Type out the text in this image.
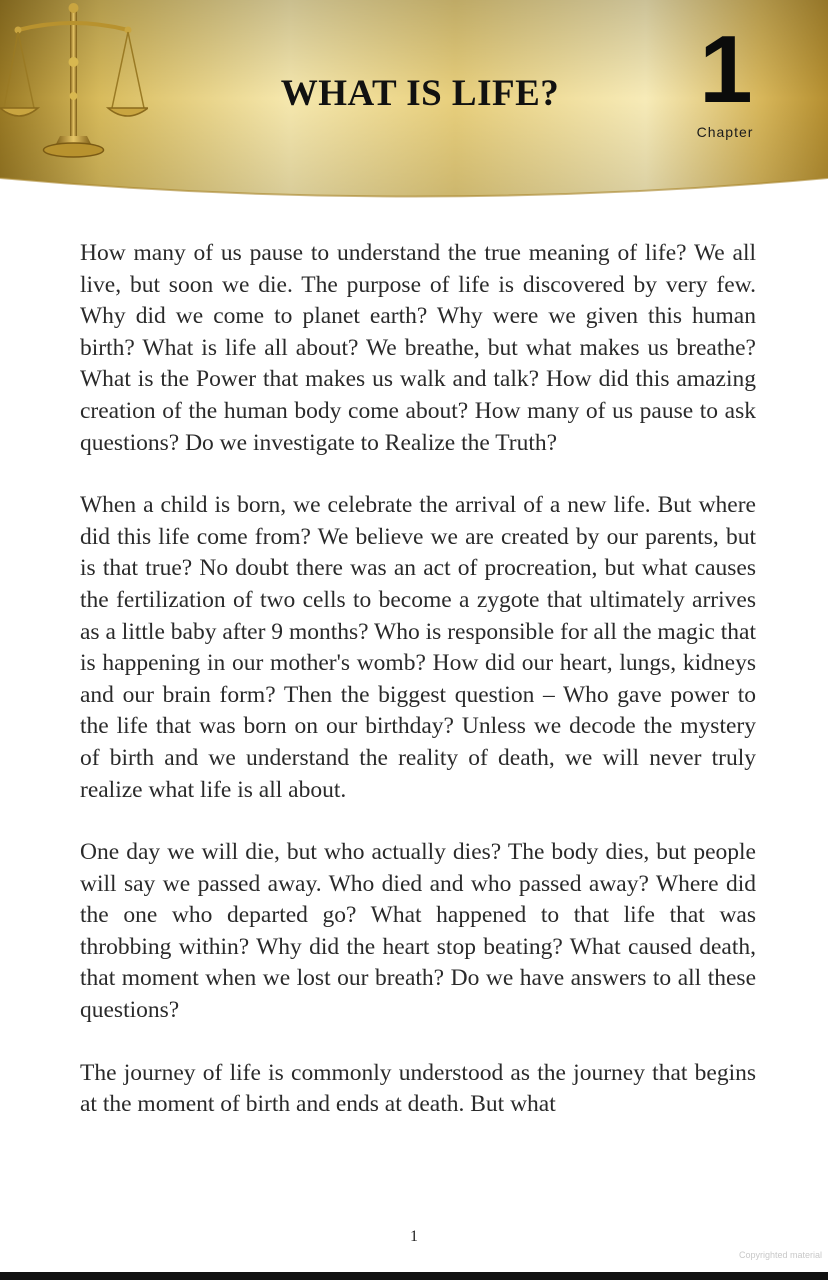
WHAT IS LIFE?	1
Chapter

How many of us pause to understand the true meaning of life? We all live, but soon we die. The purpose of life is discovered by very few. Why did we come to planet earth? Why were we given this human birth? What is life all about? We breathe, but what makes us breathe? What is the Power that makes us walk and talk? How did this amazing creation of the human body come about? How many of us pause to ask questions? Do we investigate to Realize the Truth?

When a child is born, we celebrate the arrival of a new life. But where did this life come from? We believe we are created by our parents, but is that true? No doubt there was an act of procreation, but what causes the fertilization of two cells to become a zygote that ultimately arrives as a little baby after 9 months? Who is responsible for all the magic that is happening in our mother's womb? How did our heart, lungs, kidneys and our brain form? Then the biggest question – Who gave power to the life that was born on our birthday? Unless we decode the mystery of birth and we understand the reality of death, we will never truly realize what life is all about.

One day we will die, but who actually dies? The body dies, but people will say we passed away. Who died and who passed away? Where did the one who departed go? What happened to that life that was throbbing within? Why did the heart stop beating? What caused death, that moment when we lost our breath? Do we have answers to all these questions?

The journey of life is commonly understood as the journey that begins at the moment of birth and ends at death. But what

1
Copyrighted material
